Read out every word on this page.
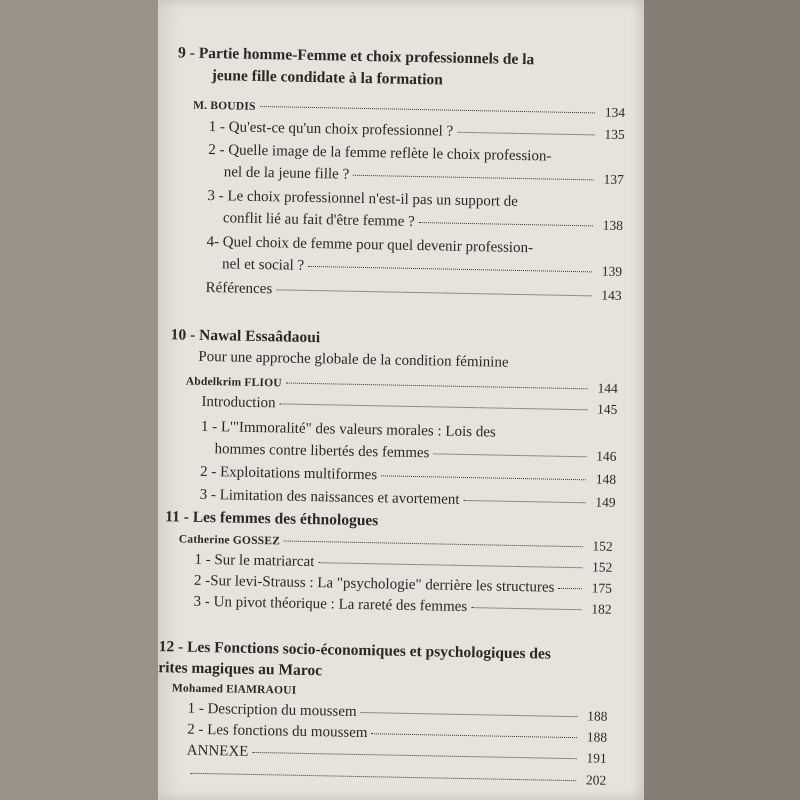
9 - Partie homme-Femme et choix professionnels de la
jeune fille condidate à la formation
M. BOUDIS	134
1 - Qu'est-ce qu'un choix professionnel ?	135
2 - Quelle image de la femme reflète le choix profession-
nel de la jeune fille ?	137
3 - Le choix professionnel n'est-il pas un support de
conflit lié au fait d'être femme ?	138
4- Quel choix de femme pour quel devenir profession-
nel et social ?	139
Références	143
10 - Nawal Essaâdaoui
Pour une approche globale de la condition féminine
Abdelkrim FLIOU	144
Introduction	145
1 - L'"Immoralité" des valeurs morales : Lois des
hommes contre libertés des femmes	146
2 - Exploitations multiformes	148
3 - Limitation des naissances et avortement	149
11 - Les femmes des éthnologues
Catherine GOSSEZ	152
1 - Sur le matriarcat	152
2 -Sur levi-Strauss : La "psychologie" derrière les structures	175
3 - Un pivot théorique : La rareté des femmes	182
12 - Les Fonctions socio-économiques et psychologiques des
rites magiques au Maroc
Mohamed ElAMRAOUI
1 - Description du moussem	188
2 - Les fonctions du moussem	188
ANNEXE	191
202
